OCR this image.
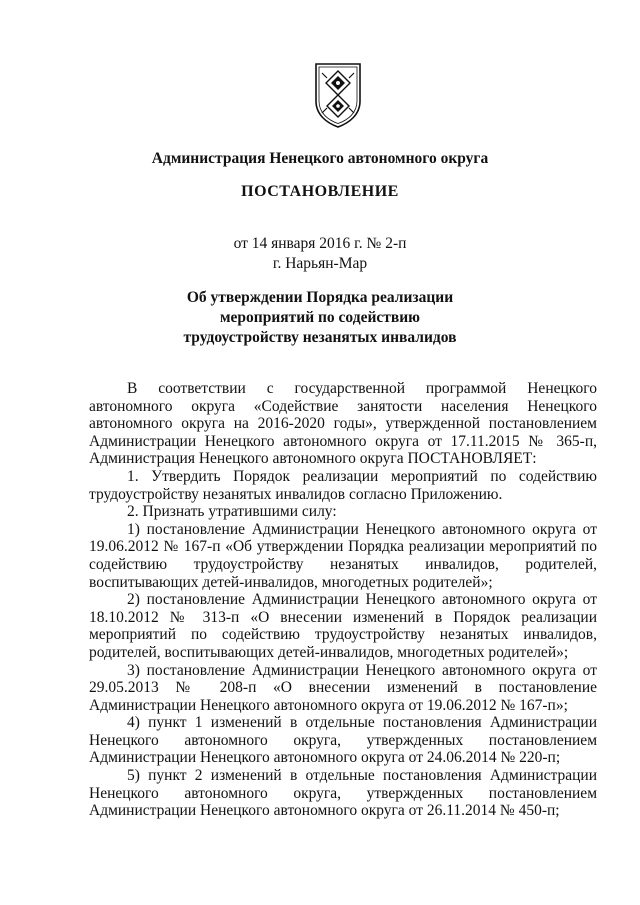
Администрация Ненецкого автономного округа
ПОСТАНОВЛЕНИЕ
от 14 января 2016 г. № 2-п
г. Нарьян-Мар
Об утверждении Порядка реализации
мероприятий по содействию
трудоустройству незанятых инвалидов

В соответствии с государственной программой Ненецкого автономного округа «Содействие занятости населения Ненецкого автономного округа на 2016-2020 годы», утвержденной постановлением Администрации Ненецкого автономного округа от 17.11.2015 № 365-п, Администрация Ненецкого автономного округа ПОСТАНОВЛЯЕТ:

1. Утвердить Порядок реализации мероприятий по содействию трудоустройству незанятых инвалидов согласно Приложению.

2. Признать утратившими силу:

1) постановление Администрации Ненецкого автономного округа от 19.06.2012 № 167-п «Об утверждении Порядка реализации мероприятий по содействию трудоустройству незанятых инвалидов, родителей, воспитывающих детей-инвалидов, многодетных родителей»;

2) постановление Администрации Ненецкого автономного округа от 18.10.2012 № 313-п «О внесении изменений в Порядок реализации мероприятий по содействию трудоустройству незанятых инвалидов, родителей, воспитывающих детей-инвалидов, многодетных родителей»;

3) постановление Администрации Ненецкого автономного округа от 29.05.2013 № 208-п «О внесении изменений в постановление Администрации Ненецкого автономного округа от 19.06.2012 № 167-п»;

4) пункт 1 изменений в отдельные постановления Администрации Ненецкого автономного округа, утвержденных постановлением Администрации Ненецкого автономного округа от 24.06.2014 № 220-п;

5) пункт 2 изменений в отдельные постановления Администрации Ненецкого автономного округа, утвержденных постановлением Администрации Ненецкого автономного округа от 26.11.2014 № 450-п;
